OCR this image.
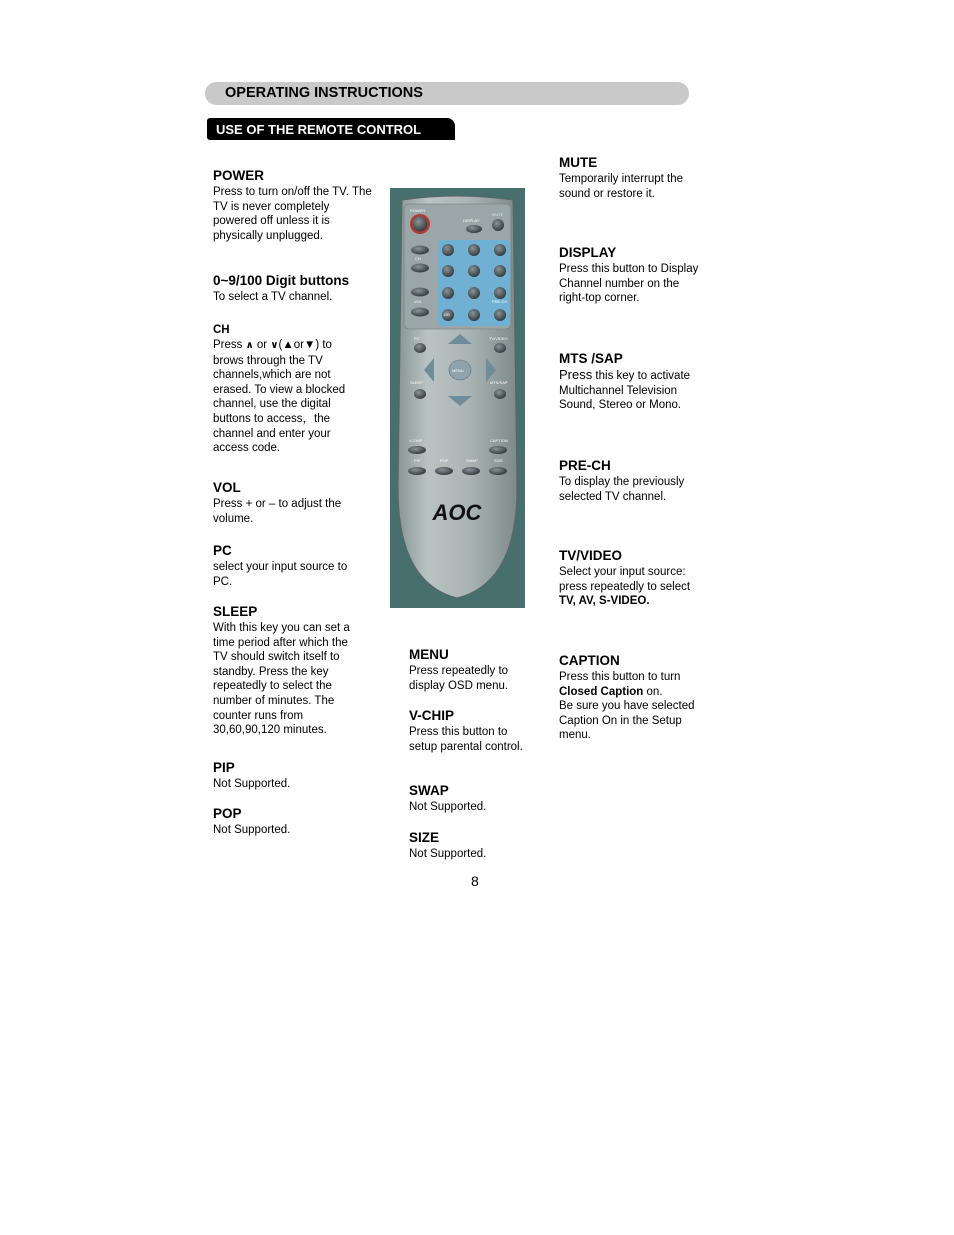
OPERATING INSTRUCTIONS
USE OF THE REMOTE CONTROL
POWER

Press to turn on/off the TV. The TV is never completely powered off unless it is physically unplugged.

0~9/100 Digit buttons

To select a TV channel.

CH

Press ∧ or ∨(▲or▼) to brows through the TV channels,which are not erased. To view a blocked channel, use the digital buttons to access，the channel and enter your access code.

VOL

Press + or – to adjust the volume.

PC

select your input source to PC.

SLEEP

With this key you can set a time period after which the TV should switch itself to standby. Press the key repeatedly to select the number of minutes. The counter runs from 30,60,90,120 minutes.

PIP

Not Supported.

POP

Not Supported.

POWER
DISPLAY
MUTE
CH
VOL
100
PRE-CH
PC	TV/VIDEO
MENU
SLEEP	MTS/SAP
V-CHIP	CAPTION
PIP	POP	SWAP	SIZE
AOC
MENU

Press repeatedly to display OSD menu.

V-CHIP

Press this button to setup parental control.

SWAP

Not Supported.

SIZE

Not Supported.

MUTE

Temporarily interrupt the sound or restore it.

DISPLAY

Press this button to Display Channel number on the right-top corner.

MTS /SAP

Press this key to activate Multichannel Television Sound, Stereo or Mono.

PRE-CH

To display the previously selected TV channel.

TV/VIDEO

Select your input source: press repeatedly to select TV, AV, S-VIDEO.

CAPTION

Press this button to turn Closed Caption on.

Be sure you have selected Caption On in the Setup menu.

8
